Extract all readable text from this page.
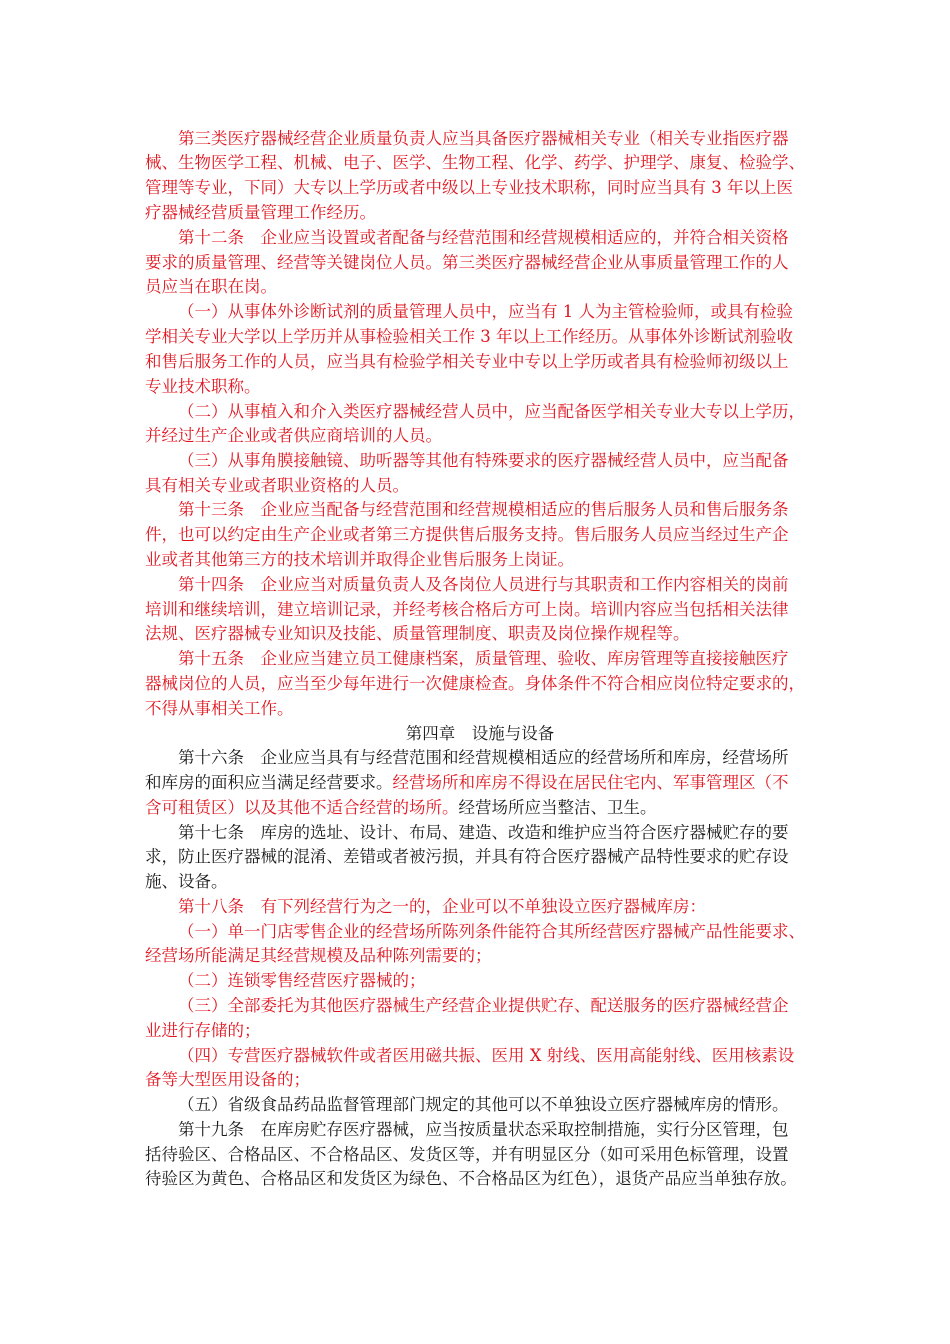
第三类医疗器械经营企业质量负责人应当具备医疗器械相关专业（相关专业指医疗器
械、生物医学工程、机械、电子、医学、生物工程、化学、药学、护理学、康复、检验学、
管理等专业，下同）大专以上学历或者中级以上专业技术职称，同时应当具有 3 年以上医
疗器械经营质量管理工作经历。
第十二条　企业应当设置或者配备与经营范围和经营规模相适应的，并符合相关资格
要求的质量管理、经营等关键岗位人员。第三类医疗器械经营企业从事质量管理工作的人
员应当在职在岗。
（一）从事体外诊断试剂的质量管理人员中，应当有 1 人为主管检验师，或具有检验
学相关专业大学以上学历并从事检验相关工作 3 年以上工作经历。从事体外诊断试剂验收
和售后服务工作的人员，应当具有检验学相关专业中专以上学历或者具有检验师初级以上
专业技术职称。
（二）从事植入和介入类医疗器械经营人员中，应当配备医学相关专业大专以上学历，
并经过生产企业或者供应商培训的人员。
（三）从事角膜接触镜、助听器等其他有特殊要求的医疗器械经营人员中，应当配备
具有相关专业或者职业资格的人员。
第十三条　企业应当配备与经营范围和经营规模相适应的售后服务人员和售后服务条
件，也可以约定由生产企业或者第三方提供售后服务支持。售后服务人员应当经过生产企
业或者其他第三方的技术培训并取得企业售后服务上岗证。
第十四条　企业应当对质量负责人及各岗位人员进行与其职责和工作内容相关的岗前
培训和继续培训，建立培训记录，并经考核合格后方可上岗。培训内容应当包括相关法律
法规、医疗器械专业知识及技能、质量管理制度、职责及岗位操作规程等。
第十五条　企业应当建立员工健康档案，质量管理、验收、库房管理等直接接触医疗
器械岗位的人员，应当至少每年进行一次健康检查。身体条件不符合相应岗位特定要求的，
不得从事相关工作。
第四章　设施与设备
第十六条　企业应当具有与经营范围和经营规模相适应的经营场所和库房，经营场所
和库房的面积应当满足经营要求。经营场所和库房不得设在居民住宅内、军事管理区（不
含可租赁区）以及其他不适合经营的场所。经营场所应当整洁、卫生。
第十七条　库房的选址、设计、布局、建造、改造和维护应当符合医疗器械贮存的要
求，防止医疗器械的混淆、差错或者被污损，并具有符合医疗器械产品特性要求的贮存设
施、设备。
第十八条　有下列经营行为之一的，企业可以不单独设立医疗器械库房：
（一）单一门店零售企业的经营场所陈列条件能符合其所经营医疗器械产品性能要求、
经营场所能满足其经营规模及品种陈列需要的；
（二）连锁零售经营医疗器械的；
（三）全部委托为其他医疗器械生产经营企业提供贮存、配送服务的医疗器械经营企
业进行存储的；
（四）专营医疗器械软件或者医用磁共振、医用 X 射线、医用高能射线、医用核素设
备等大型医用设备的；
（五）省级食品药品监督管理部门规定的其他可以不单独设立医疗器械库房的情形。
第十九条　在库房贮存医疗器械，应当按质量状态采取控制措施，实行分区管理，包
括待验区、合格品区、不合格品区、发货区等，并有明显区分（如可采用色标管理，设置
待验区为黄色、合格品区和发货区为绿色、不合格品区为红色），退货产品应当单独存放。
